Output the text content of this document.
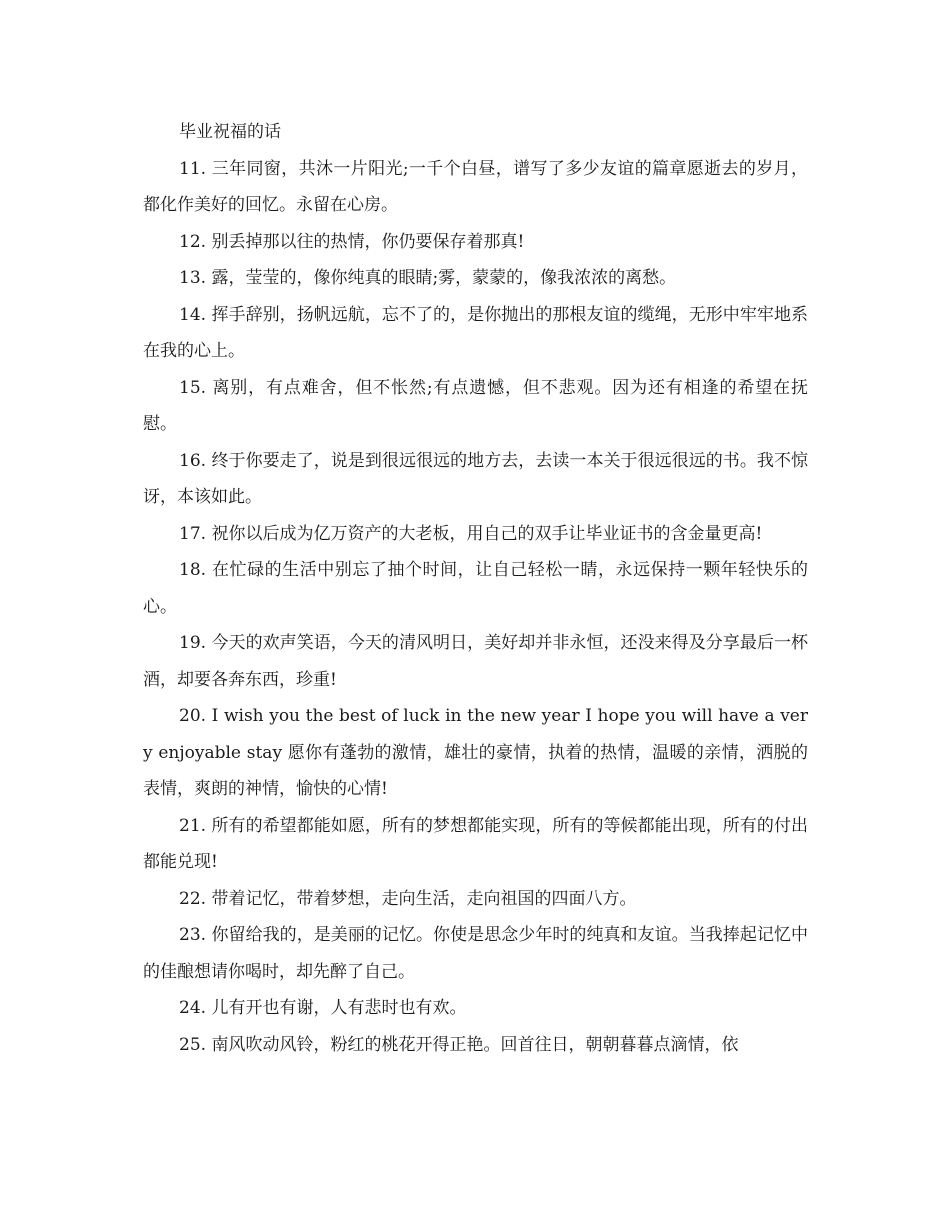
毕业祝福的话

11. 三年同窗，共沐一片阳光;一千个白昼，谱写了多少友谊的篇章愿逝去的岁月，都化作美好的回忆。永留在心房。

12. 别丢掉那以往的热情，你仍要保存着那真!

13. 露，莹莹的，像你纯真的眼睛;雾，蒙蒙的，像我浓浓的离愁。

14. 挥手辞别，扬帆远航，忘不了的，是你抛出的那根友谊的缆绳，无形中牢牢地系在我的心上。

15. 离别，有点难舍，但不怅然;有点遗憾，但不悲观。因为还有相逢的希望在抚慰。

16. 终于你要走了，说是到很远很远的地方去，去读一本关于很远很远的书。我不惊讶，本该如此。

17. 祝你以后成为亿万资产的大老板，用自己的双手让毕业证书的含金量更高!

18. 在忙碌的生活中别忘了抽个时间，让自己轻松一睛，永远保持一颗年轻快乐的心。

19. 今天的欢声笑语，今天的清风明日，美好却并非永恒，还没来得及分享最后一杯酒，却要各奔东西，珍重!

20. I wish you the best of luck in the new year I hope you will have a very enjoyable stay 愿你有蓬勃的激情，雄壮的豪情，执着的热情，温暖的亲情，洒脱的表情，爽朗的神情，愉快的心情!

21. 所有的希望都能如愿，所有的梦想都能实现，所有的等候都能出现，所有的付出都能兑现!

22. 带着记忆，带着梦想，走向生活，走向祖国的四面八方。

23. 你留给我的，是美丽的记忆。你使是思念少年时的纯真和友谊。当我捧起记忆中的佳酿想请你喝时，却先醉了自己。

24. 儿有开也有谢，人有悲时也有欢。

25. 南风吹动风铃，粉红的桃花开得正艳。回首往日，朝朝暮暮点滴情，依
